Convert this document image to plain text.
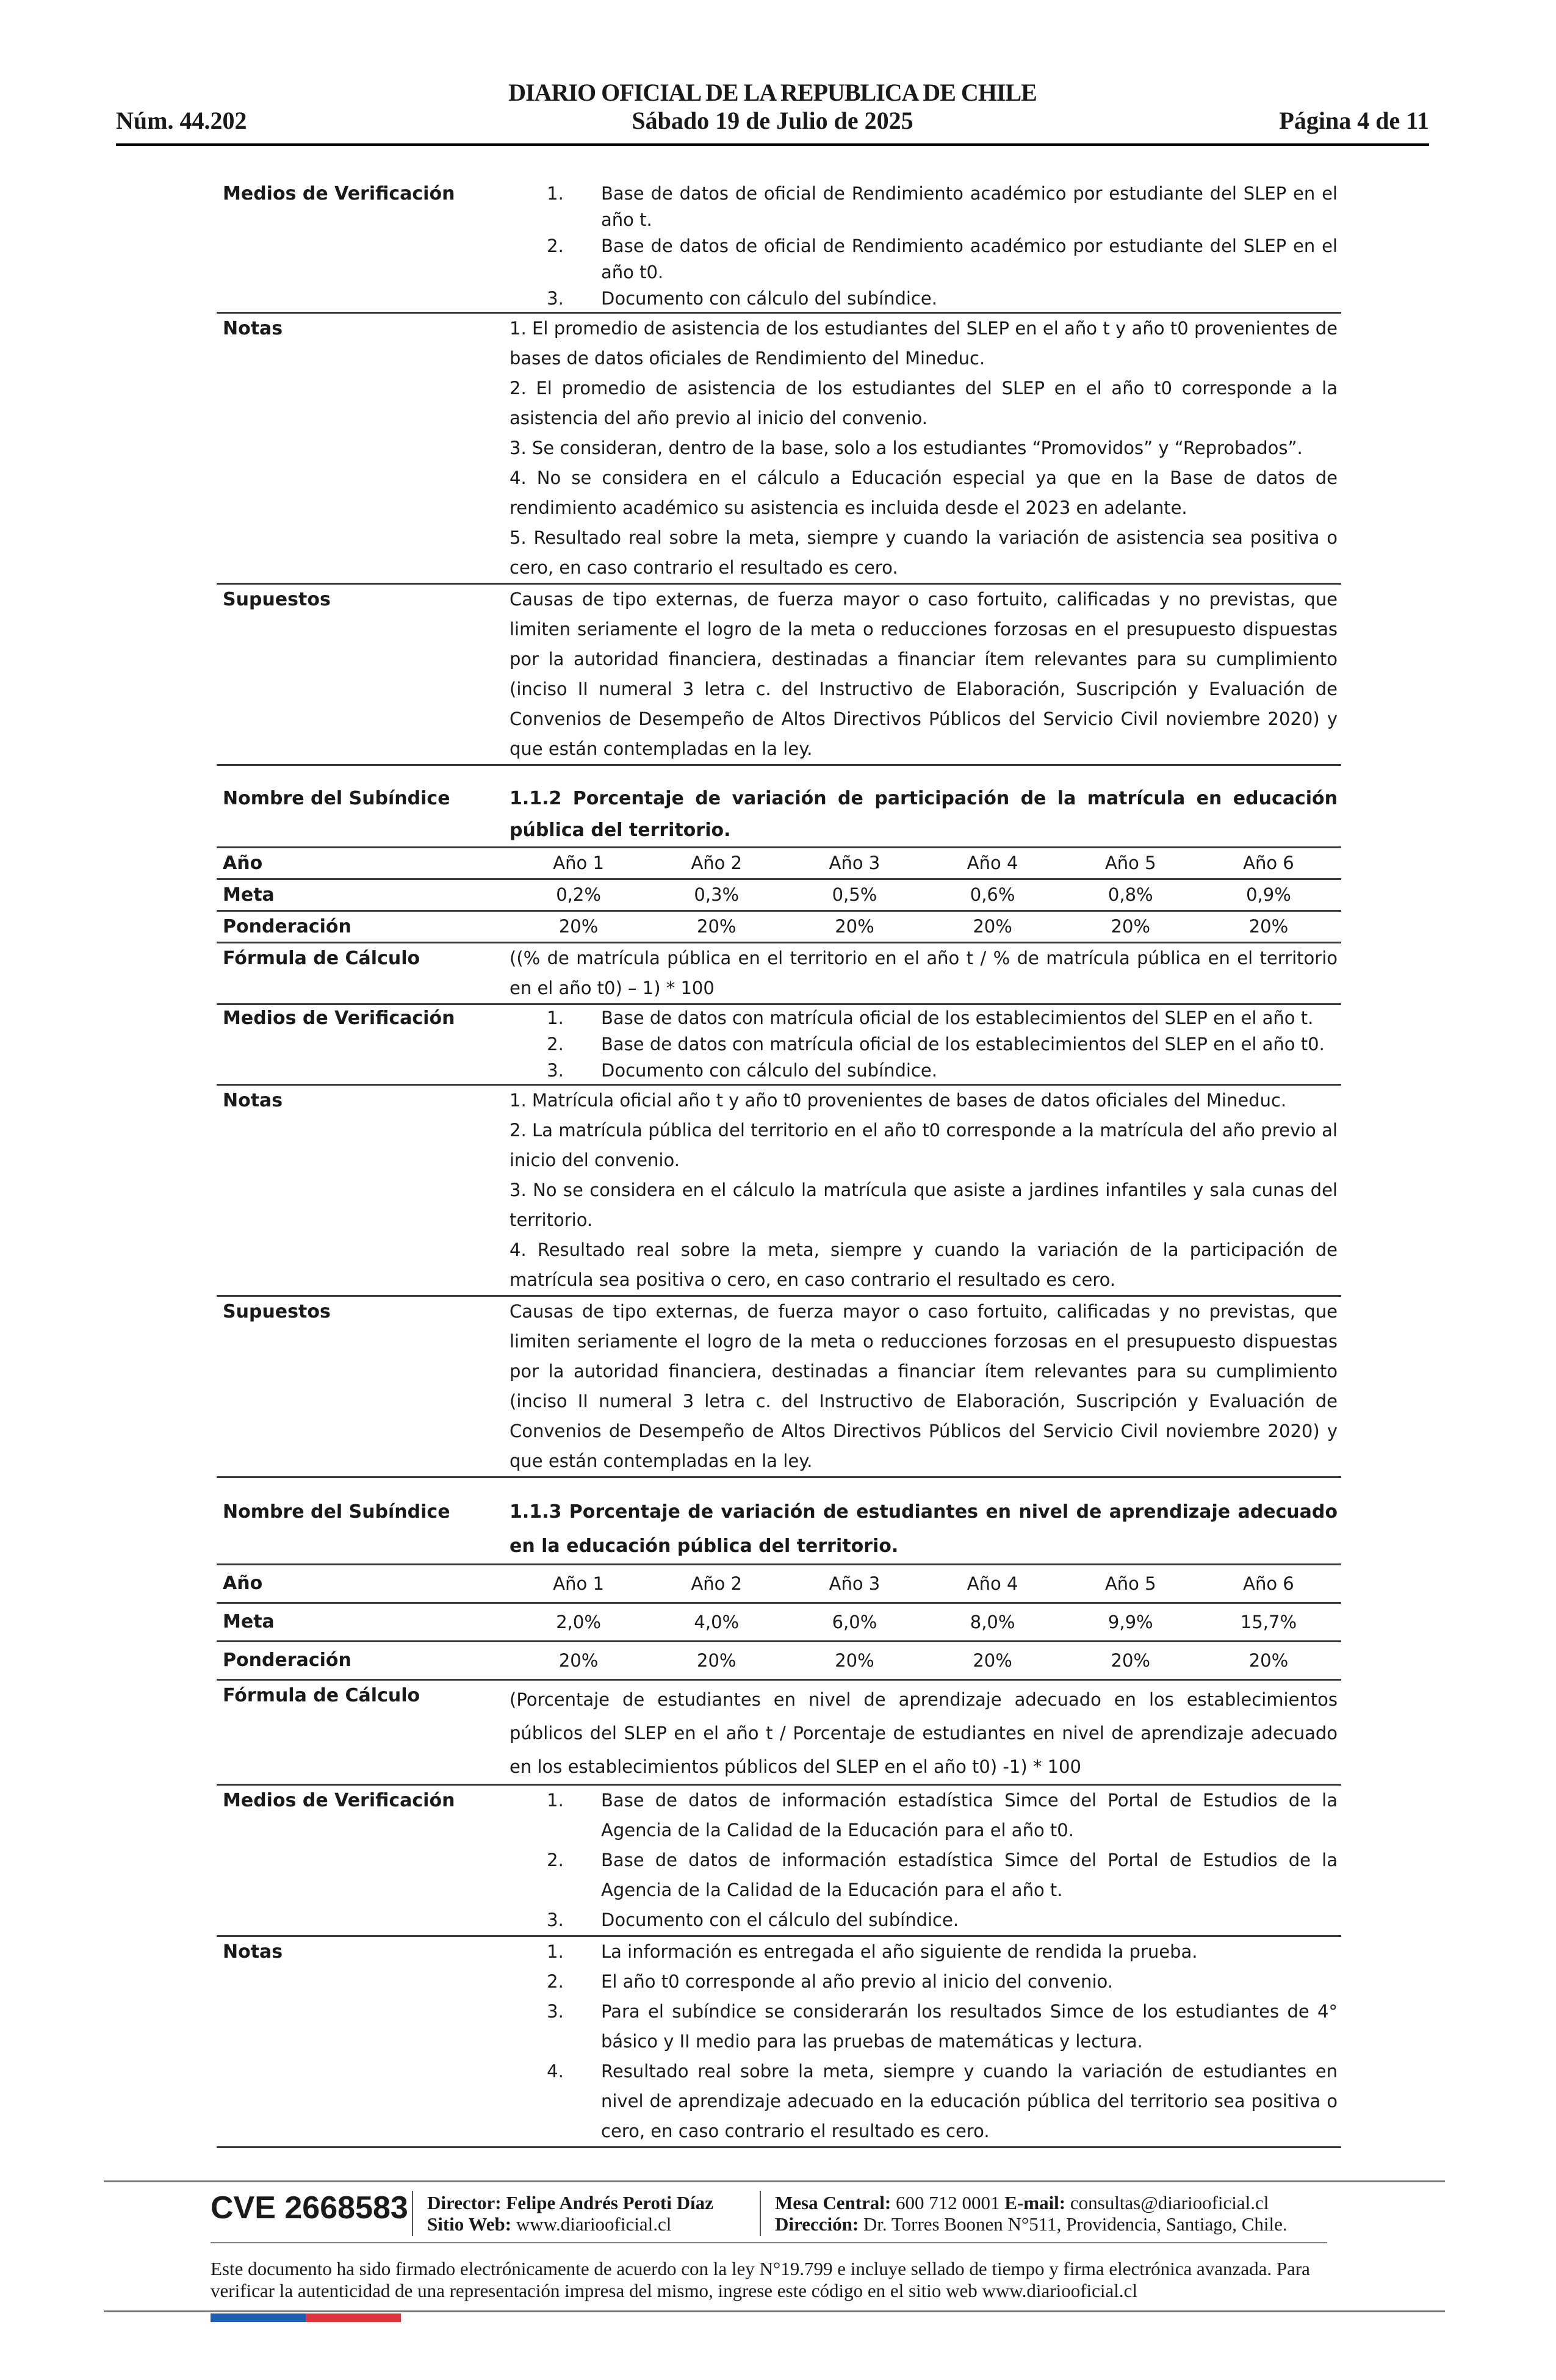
DIARIO OFICIAL DE LA REPUBLICA DE CHILE
Núm. 44.202	Sábado 19 de Julio de 2025	Página 4 de 11
Medios de Verificación	1.	Base de datos de oficial de Rendimiento académico por estudiante del SLEP en el año t.
2.	Base de datos de oficial de Rendimiento académico por estudiante del SLEP en el año t0.
3.	Documento con cálculo del subíndice.
Notas	1. El promedio de asistencia de los estudiantes del SLEP en el año t y año t0 provenientes de bases de datos oficiales de Rendimiento del Mineduc.

2. El promedio de asistencia de los estudiantes del SLEP en el año t0 corresponde a la asistencia del año previo al inicio del convenio.

3. Se consideran, dentro de la base, solo a los estudiantes “Promovidos” y “Reprobados”.

4. No se considera en el cálculo a Educación especial ya que en la Base de datos de rendimiento académico su asistencia es incluida desde el 2023 en adelante.

5. Resultado real sobre la meta, siempre y cuando la variación de asistencia sea positiva o cero, en caso contrario el resultado es cero.

Supuestos	Causas de tipo externas, de fuerza mayor o caso fortuito, calificadas y no previstas, que limiten seriamente el logro de la meta o reducciones forzosas en el presupuesto dispuestas por la autoridad financiera, destinadas a financiar ítem relevantes para su cumplimiento (inciso II numeral 3 letra c. del Instructivo de Elaboración, Suscripción y Evaluación de Convenios de Desempeño de Altos Directivos Públicos del Servicio Civil noviembre 2020) y que están contempladas en la ley.

Nombre del Subíndice	1.1.2 Porcentaje de variación de participación de la matrícula en educación pública del territorio.
Año	Año 1	Año 2	Año 3	Año 4	Año 5	Año 6
Meta	0,2%	0,3%	0,5%	0,6%	0,8%	0,9%
Ponderación	20%	20%	20%	20%	20%	20%
Fórmula de Cálculo	((% de matrícula pública en el territorio en el año t / % de matrícula pública en el territorio en el año t0) – 1) * 100

Medios de Verificación	1.	Base de datos con matrícula oficial de los establecimientos del SLEP en el año t.
2.	Base de datos con matrícula oficial de los establecimientos del SLEP en el año t0.
3.	Documento con cálculo del subíndice.
Notas	1. Matrícula oficial año t y año t0 provenientes de bases de datos oficiales del Mineduc.

2. La matrícula pública del territorio en el año t0 corresponde a la matrícula del año previo al inicio del convenio.

3. No se considera en el cálculo la matrícula que asiste a jardines infantiles y sala cunas del territorio.

4. Resultado real sobre la meta, siempre y cuando la variación de la participación de matrícula sea positiva o cero, en caso contrario el resultado es cero.

Supuestos	Causas de tipo externas, de fuerza mayor o caso fortuito, calificadas y no previstas, que limiten seriamente el logro de la meta o reducciones forzosas en el presupuesto dispuestas por la autoridad financiera, destinadas a financiar ítem relevantes para su cumplimiento (inciso II numeral 3 letra c. del Instructivo de Elaboración, Suscripción y Evaluación de Convenios de Desempeño de Altos Directivos Públicos del Servicio Civil noviembre 2020) y que están contempladas en la ley.

Nombre del Subíndice	1.1.3 Porcentaje de variación de estudiantes en nivel de aprendizaje adecuado en la educación pública del territorio.
Año	Año 1	Año 2	Año 3	Año 4	Año 5	Año 6
Meta	2,0%	4,0%	6,0%	8,0%	9,9%	15,7%
Ponderación	20%	20%	20%	20%	20%	20%
Fórmula de Cálculo	(Porcentaje de estudiantes en nivel de aprendizaje adecuado en los establecimientos públicos del SLEP en el año t / Porcentaje de estudiantes en nivel de aprendizaje adecuado en los establecimientos públicos del SLEP en el año t0) -1) * 100

Medios de Verificación	1.	Base de datos de información estadística Simce del Portal de Estudios de la Agencia de la Calidad de la Educación para el año t0.
2.	Base de datos de información estadística Simce del Portal de Estudios de la Agencia de la Calidad de la Educación para el año t.
3.	Documento con el cálculo del subíndice.
Notas	1.	La información es entregada el año siguiente de rendida la prueba.
2.	El año t0 corresponde al año previo al inicio del convenio.
3.	Para el subíndice se considerarán los resultados Simce de los estudiantes de 4° básico y II medio para las pruebas de matemáticas y lectura.
4.	Resultado real sobre la meta, siempre y cuando la variación de estudiantes en nivel de aprendizaje adecuado en la educación pública del territorio sea positiva o cero, en caso contrario el resultado es cero.
CVE 2668583 Director: Felipe Andrés Peroti Díaz
Sitio Web: www.diariooficial.cl
Mesa Central: 600 712 0001 E-mail: consultas@diariooficial.cl
Dirección: Dr. Torres Boonen N°511, Providencia, Santiago, Chile.
Este documento ha sido firmado electrónicamente de acuerdo con la ley N°19.799 e incluye sellado de tiempo y firma electrónica avanzada. Para verificar la autenticidad de una representación impresa del mismo, ingrese este código en el sitio web www.diariooficial.cl
